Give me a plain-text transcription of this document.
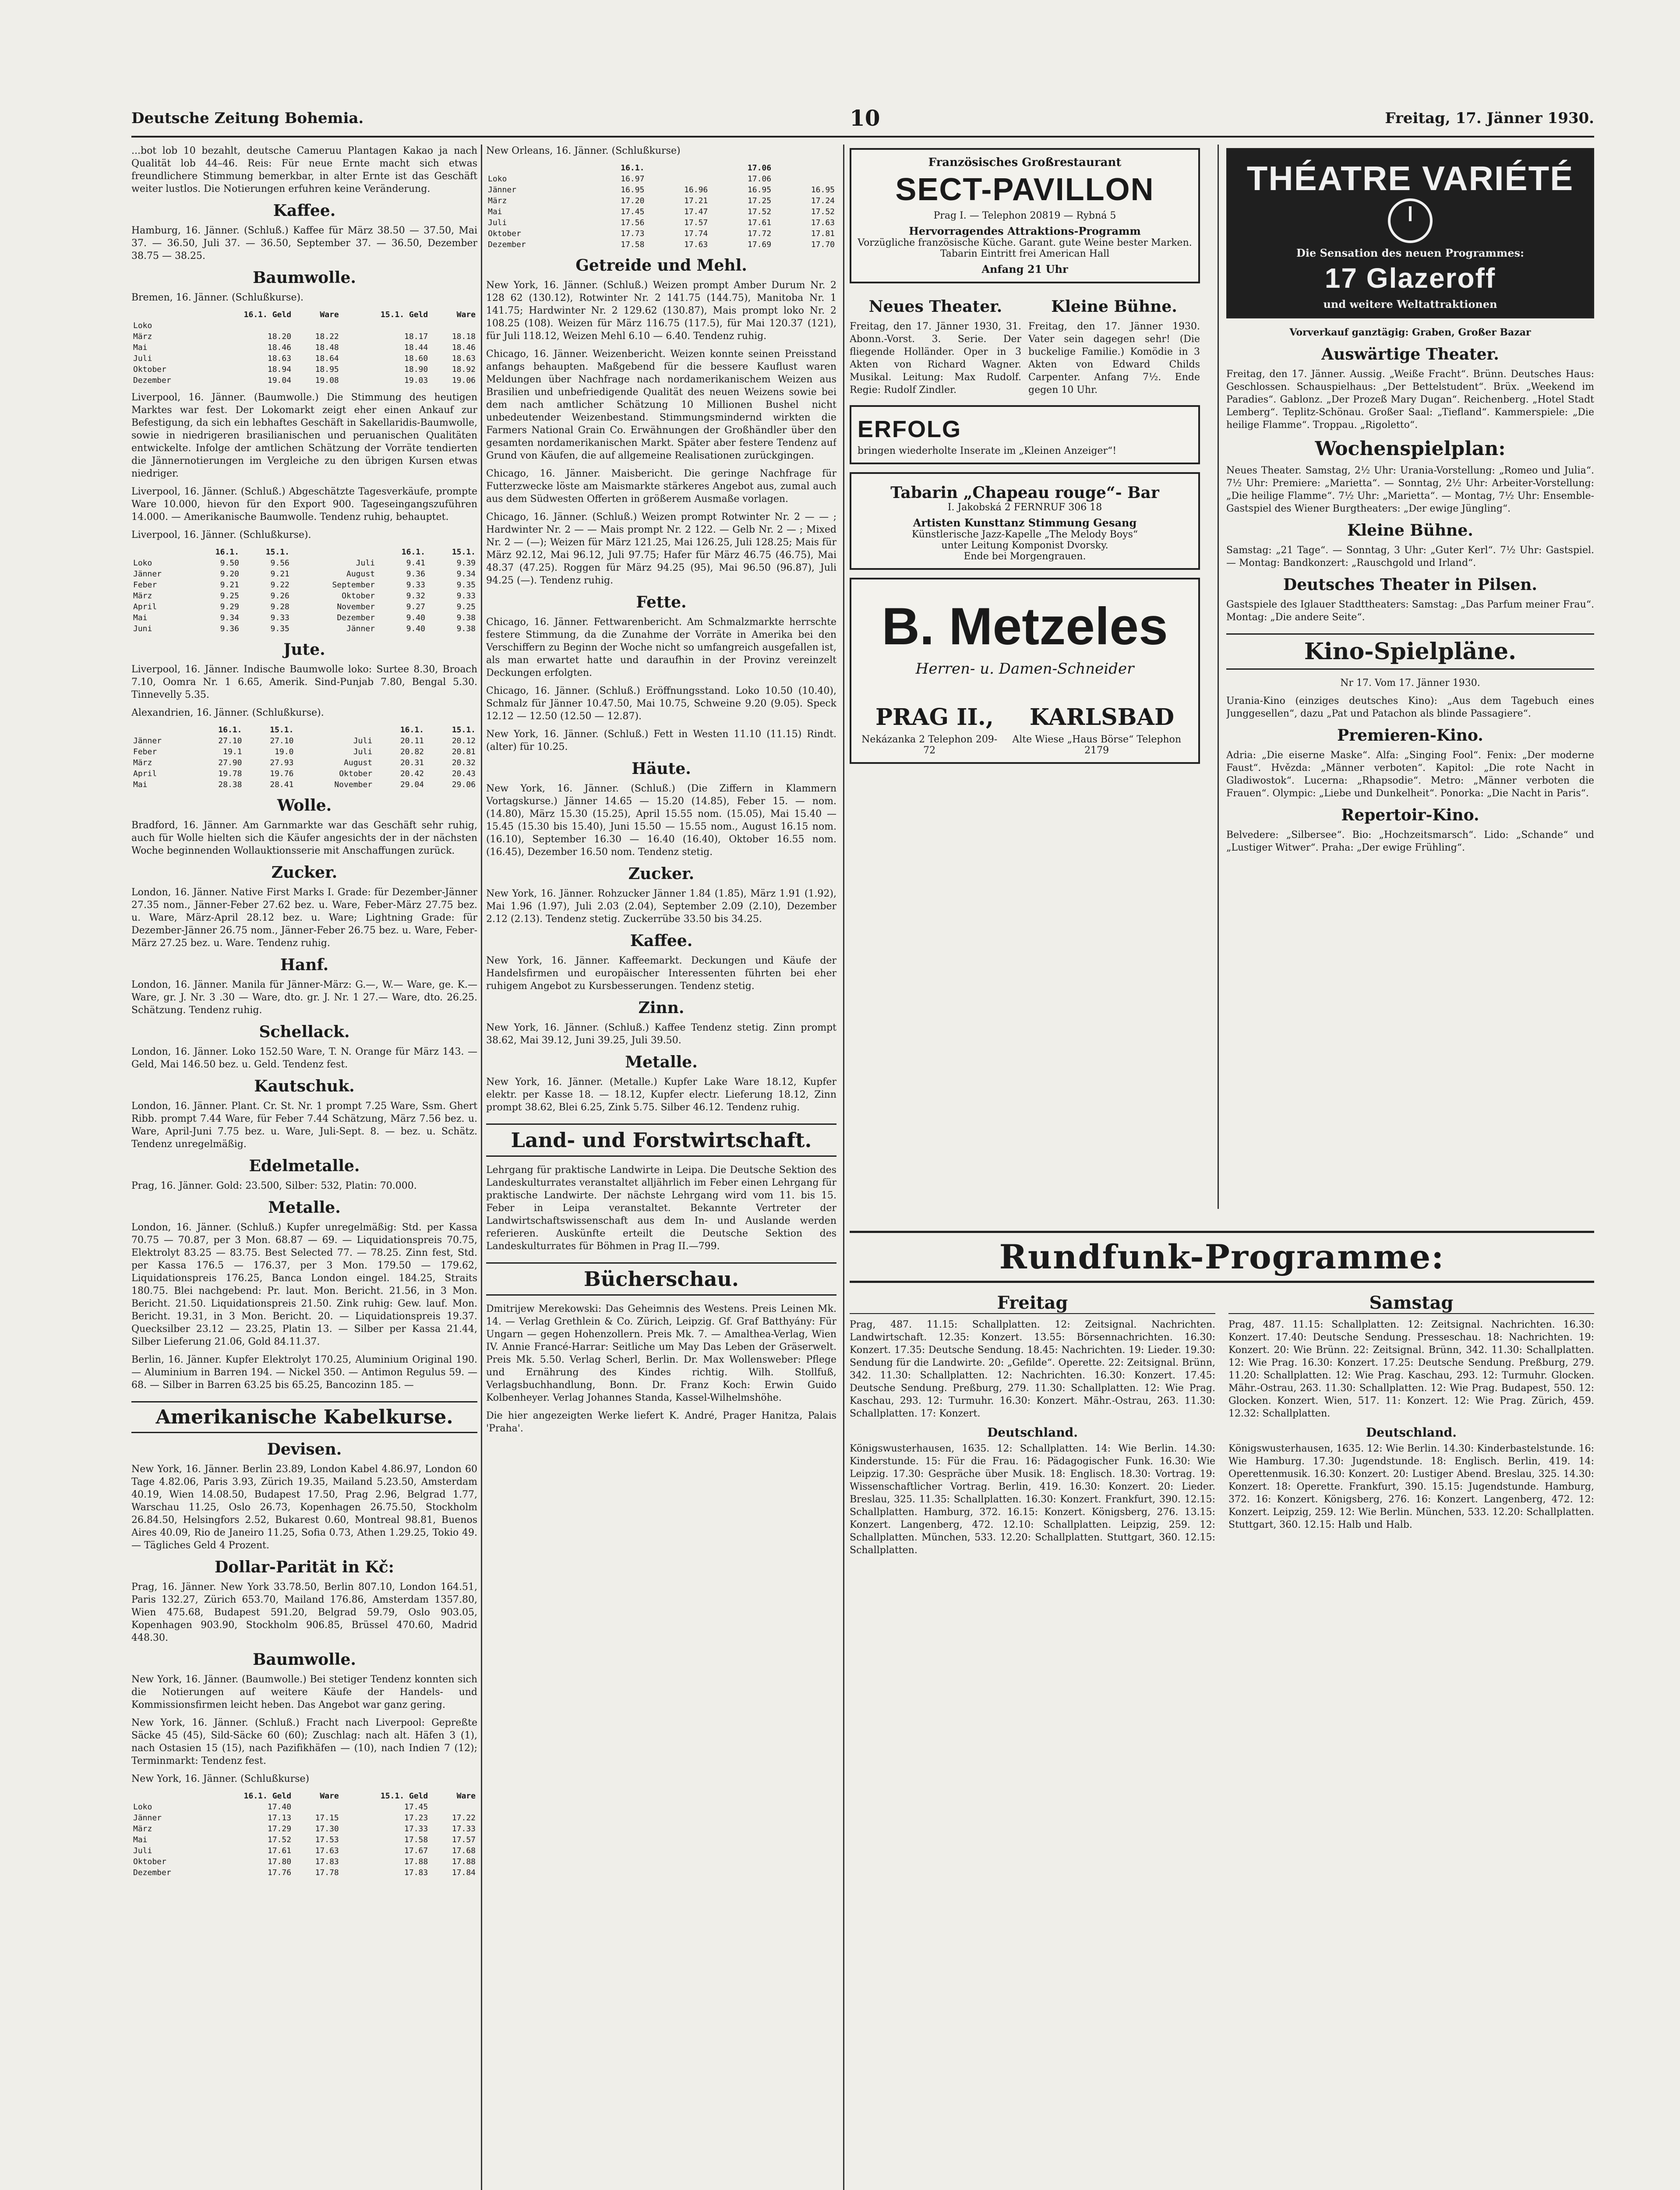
Deutsche Zeitung Bohemia.	10	Freitag, 17. Jänner 1930.

...bot lob 10 bezahlt, deutsche Cameruu Plantagen Kakao ja nach Qualität lob 44–46. Reis: Für neue Ernte macht sich etwas freundlichere Stimmung bemerkbar, in alter Ernte ist das Geschäft weiter lustlos. Die Notierungen erfuhren keine Veränderung.

Kaffee.

Hamburg, 16. Jänner. (Schluß.) Kaffee für März 38.50 — 37.50, Mai 37. — 36.50, Juli 37. — 36.50, September 37. — 36.50, Dezember 38.75 — 38.25.

Baumwolle.

Bremen, 16. Jänner. (Schlußkurse).

	16.1. Geld	Ware	15.1. Geld	Ware
Loko				
März	18.20	18.22	18.17	18.18
Mai	18.46	18.48	18.44	18.46
Juli	18.63	18.64	18.60	18.63
Oktober	18.94	18.95	18.90	18.92
Dezember	19.04	19.08	19.03	19.06

Liverpool, 16. Jänner. (Baumwolle.) Die Stimmung des heutigen Marktes war fest. Der Lokomarkt zeigt eher einen Ankauf zur Befestigung, da sich ein lebhaftes Geschäft in Sakellaridis-Baumwolle, sowie in niedrigeren brasilianischen und peruanischen Qualitäten entwickelte. Infolge der amtlichen Schätzung der Vorräte tendierten die Jännernotierungen im Vergleiche zu den übrigen Kursen etwas niedriger.

Liverpool, 16. Jänner. (Schluß.) Abgeschätzte Tagesverkäufe, prompte Ware 10.000, hievon für den Export 900. Tageseingangszuführen 14.000. — Amerikanische Baumwolle. Tendenz ruhig, behauptet.

Liverpool, 16. Jänner. (Schlußkurse).

	16.1.	15.1.		16.1.	15.1.
Loko	9.50	9.56	Juli	9.41	9.39
Jänner	9.20	9.21	August	9.36	9.34
Feber	9.21	9.22	September	9.33	9.35
März	9.25	9.26	Oktober	9.32	9.33
April	9.29	9.28	November	9.27	9.25
Mai	9.34	9.33	Dezember	9.40	9.38
Juni	9.36	9.35	Jänner	9.40	9.38
Jute.

Liverpool, 16. Jänner. Indische Baumwolle loko: Surtee 8.30, Broach 7.10, Oomra Nr. 1 6.65, Amerik. Sind-Punjab 7.80, Bengal 5.30. Tinnevelly 5.35.

Alexandrien, 16. Jänner. (Schlußkurse).

	16.1.	15.1.		16.1.	15.1.
Jänner	27.10	27.10	Juli	20.11	20.12
Feber	19.1	19.0	Juli	20.82	20.81
März	27.90	27.93	August	20.31	20.32
April	19.78	19.76	Oktober	20.42	20.43
Mai	28.38	28.41	November	29.04	29.06
Wolle.

Bradford, 16. Jänner. Am Garnmarkte war das Geschäft sehr ruhig, auch für Wolle hielten sich die Käufer angesichts der in der nächsten Woche beginnenden Wollauktionsserie mit Anschaffungen zurück.

Zucker.

London, 16. Jänner. Native First Marks I. Grade: für Dezember-Jänner 27.35 nom., Jänner-Feber 27.62 bez. u. Ware, Feber-März 27.75 bez. u. Ware, März-April 28.12 bez. u. Ware; Lightning Grade: für Dezember-Jänner 26.75 nom., Jänner-Feber 26.75 bez. u. Ware, Feber-März 27.25 bez. u. Ware. Tendenz ruhig.

Hanf.

London, 16. Jänner. Manila für Jänner-März: G.—, W.— Ware, ge. K.—Ware, gr. J. Nr. 3 .30 — Ware, dto. gr. J. Nr. 1 27.— Ware, dto. 26.25. Schätzung. Tendenz ruhig.

Schellack.

London, 16. Jänner. Loko 152.50 Ware, T. N. Orange für März 143. — Geld, Mai 146.50 bez. u. Geld. Tendenz fest.

Kautschuk.

London, 16. Jänner. Plant. Cr. St. Nr. 1 prompt 7.25 Ware, Ssm. Ghert Ribb. prompt 7.44 Ware, für Feber 7.44 Schätzung, März 7.56 bez. u. Ware, April-Juni 7.75 bez. u. Ware, Juli-Sept. 8. — bez. u. Schätz. Tendenz unregelmäßig.

Edelmetalle.

Prag, 16. Jänner. Gold: 23.500, Silber: 532, Platin: 70.000.

Metalle.

London, 16. Jänner. (Schluß.) Kupfer unregelmäßig: Std. per Kassa 70.75 — 70.87, per 3 Mon. 68.87 — 69. — Liquidationspreis 70.75, Elektrolyt 83.25 — 83.75. Best Selected 77. — 78.25. Zinn fest, Std. per Kassa 176.5 — 176.37, per 3 Mon. 179.50 — 179.62, Liquidationspreis 176.25, Banca London eingel. 184.25, Straits 180.75. Blei nachgebend: Pr. laut. Mon. Bericht. 21.56, in 3 Mon. Bericht. 21.50. Liquidationspreis 21.50. Zink ruhig: Gew. lauf. Mon. Bericht. 19.31, in 3 Mon. Bericht. 20. — Liquidationspreis 19.37. Quecksilber 23.12 — 23.25, Platin 13. — Silber per Kassa 21.44, Silber Lieferung 21.06, Gold 84.11.37.

Berlin, 16. Jänner. Kupfer Elektrolyt 170.25, Aluminium Original 190. — Aluminium in Barren 194. — Nickel 350. — Antimon Regulus 59. — 68. — Silber in Barren 63.25 bis 65.25, Bancozinn 185. —

Amerikanische Kabelkurse.
Devisen.

New York, 16. Jänner. Berlin 23.89, London Kabel 4.86.97, London 60 Tage 4.82.06, Paris 3.93, Zürich 19.35, Mailand 5.23.50, Amsterdam 40.19, Wien 14.08.50, Budapest 17.50, Prag 2.96, Belgrad 1.77, Warschau 11.25, Oslo 26.73, Kopenhagen 26.75.50, Stockholm 26.84.50, Helsingfors 2.52, Bukarest 0.60, Montreal 98.81, Buenos Aires 40.09, Rio de Janeiro 11.25, Sofia 0.73, Athen 1.29.25, Tokio 49. — Tägliches Geld 4 Prozent.

Dollar-Parität in Kč:

Prag, 16. Jänner. New York 33.78.50, Berlin 807.10, London 164.51, Paris 132.27, Zürich 653.70, Mailand 176.86, Amsterdam 1357.80, Wien 475.68, Budapest 591.20, Belgrad 59.79, Oslo 903.05, Kopenhagen 903.90, Stockholm 906.85, Brüssel 470.60, Madrid 448.30.

Baumwolle.

New York, 16. Jänner. (Baumwolle.) Bei stetiger Tendenz konnten sich die Notierungen auf weitere Käufe der Handels- und Kommissionsfirmen leicht heben. Das Angebot war ganz gering.

New York, 16. Jänner. (Schluß.) Fracht nach Liverpool: Gepreßte Säcke 45 (45), Sild-Säcke 60 (60); Zuschlag: nach alt. Häfen 3 (1), nach Ostasien 15 (15), nach Pazifikhäfen — (10), nach Indien 7 (12); Terminmarkt: Tendenz fest.

New York, 16. Jänner. (Schlußkurse)

	16.1. Geld	Ware	15.1. Geld	Ware
Loko	17.40		17.45	
Jänner	17.13	17.15	17.23	17.22
März	17.29	17.30	17.33	17.33
Mai	17.52	17.53	17.58	17.57
Juli	17.61	17.63	17.67	17.68
Oktober	17.80	17.83	17.88	17.88
Dezember	17.76	17.78	17.83	17.84

New Orleans, 16. Jänner. (Schlußkurse)

	16.1.		17.06	
Loko	16.97		17.06	
Jänner	16.95	16.96	16.95	16.95
März	17.20	17.21	17.25	17.24
Mai	17.45	17.47	17.52	17.52
Juli	17.56	17.57	17.61	17.63
Oktober	17.73	17.74	17.72	17.81
Dezember	17.58	17.63	17.69	17.70
Getreide und Mehl.

New York, 16. Jänner. (Schluß.) Weizen prompt Amber Durum Nr. 2 128 62 (130.12), Rotwinter Nr. 2 141.75 (144.75), Manitoba Nr. 1 141.75; Hardwinter Nr. 2 129.62 (130.87), Mais prompt loko Nr. 2 108.25 (108). Weizen für März 116.75 (117.5), für Mai 120.37 (121), für Juli 118.12, Weizen Mehl 6.10 — 6.40. Tendenz ruhig.

Chicago, 16. Jänner. Weizenbericht. Weizen konnte seinen Preisstand anfangs behaupten. Maßgebend für die bessere Kauflust waren Meldungen über Nachfrage nach nordamerikanischem Weizen aus Brasilien und unbefriedigende Qualität des neuen Weizens sowie bei dem nach amtlicher Schätzung 10 Millionen Bushel nicht unbedeutender Weizenbestand. Stimmungsmindernd wirkten die Farmers National Grain Co. Erwähnungen der Großhändler über den gesamten nordamerikanischen Markt. Später aber festere Tendenz auf Grund von Käufen, die auf allgemeine Realisationen zurückgingen.

Chicago, 16. Jänner. Maisbericht. Die geringe Nachfrage für Futterzwecke löste am Maismarkte stärkeres Angebot aus, zumal auch aus dem Südwesten Offerten in größerem Ausmaße vorlagen.

Chicago, 16. Jänner. (Schluß.) Weizen prompt Rotwinter Nr. 2 — — ; Hardwinter Nr. 2 — — Mais prompt Nr. 2 122. — Gelb Nr. 2 — ; Mixed Nr. 2 — (—); Weizen für März 121.25, Mai 126.25, Juli 128.25; Mais für März 92.12, Mai 96.12, Juli 97.75; Hafer für März 46.75 (46.75), Mai 48.37 (47.25). Roggen für März 94.25 (95), Mai 96.50 (96.87), Juli 94.25 (—). Tendenz ruhig.

Fette.

Chicago, 16. Jänner. Fettwarenbericht. Am Schmalzmarkte herrschte festere Stimmung, da die Zunahme der Vorräte in Amerika bei den Verschiffern zu Beginn der Woche nicht so umfangreich ausgefallen ist, als man erwartet hatte und daraufhin in der Provinz vereinzelt Deckungen erfolgten.

Chicago, 16. Jänner. (Schluß.) Eröffnungsstand. Loko 10.50 (10.40), Schmalz für Jänner 10.47.50, Mai 10.75, Schweine 9.20 (9.05). Speck 12.12 — 12.50 (12.50 — 12.87).

New York, 16. Jänner. (Schluß.) Fett in Westen 11.10 (11.15) Rindt. (alter) für 10.25.

Häute.

New York, 16. Jänner. (Schluß.) (Die Ziffern in Klammern Vortagskurse.) Jänner 14.65 — 15.20 (14.85), Feber 15. — nom. (14.80), März 15.30 (15.25), April 15.55 nom. (15.05), Mai 15.40 — 15.45 (15.30 bis 15.40), Juni 15.50 — 15.55 nom., August 16.15 nom. (16.10), September 16.30 — 16.40 (16.40), Oktober 16.55 nom. (16.45), Dezember 16.50 nom. Tendenz stetig.

Zucker.

New York, 16. Jänner. Rohzucker Jänner 1.84 (1.85), März 1.91 (1.92), Mai 1.96 (1.97), Juli 2.03 (2.04), September 2.09 (2.10), Dezember 2.12 (2.13). Tendenz stetig. Zuckerrübe 33.50 bis 34.25.

Kaffee.

New York, 16. Jänner. Kaffeemarkt. Deckungen und Käufe der Handelsfirmen und europäischer Interessenten führten bei eher ruhigem Angebot zu Kursbesserungen. Tendenz stetig.

Zinn.

New York, 16. Jänner. (Schluß.) Kaffee Tendenz stetig. Zinn prompt 38.62, Mai 39.12, Juni 39.25, Juli 39.50.

Metalle.

New York, 16. Jänner. (Metalle.) Kupfer Lake Ware 18.12, Kupfer elektr. per Kasse 18. — 18.12, Kupfer electr. Lieferung 18.12, Zinn prompt 38.62, Blei 6.25, Zink 5.75. Silber 46.12. Tendenz ruhig.

Land- und Forstwirtschaft.

Lehrgang für praktische Landwirte in Leipa. Die Deutsche Sektion des Landeskulturrates veranstaltet alljährlich im Feber einen Lehrgang für praktische Landwirte. Der nächste Lehrgang wird vom 11. bis 15. Feber in Leipa veranstaltet. Bekannte Vertreter der Landwirtschaftswissenschaft aus dem In- und Auslande werden referieren. Auskünfte erteilt die Deutsche Sektion des Landeskulturrates für Böhmen in Prag II.—799.

Bücherschau.

Dmitrijew Merekowski: Das Geheimnis des Westens. Preis Leinen Mk. 14. — Verlag Grethlein & Co. Zürich, Leipzig. Gf. Graf Batthyány: Für Ungarn — gegen Hohenzollern. Preis Mk. 7. — Amalthea-Verlag, Wien IV. Annie Francé-Harrar: Seitliche um May Das Leben der Gräserwelt. Preis Mk. 5.50. Verlag Scherl, Berlin. Dr. Max Wollensweber: Pflege und Ernährung des Kindes richtig. Wilh. Stollfuß, Verlagsbuchhandlung, Bonn. Dr. Franz Koch: Erwin Guido Kolbenheyer. Verlag Johannes Standa, Kassel-Wilhelmshöhe.

Die hier angezeigten Werke liefert K. André, Prager Hanitza, Palais 'Praha'.

Französisches Großrestaurant
SECT-PAVILLON
Prag I. — Telephon 20819 — Rybná 5
Hervorragendes Attraktions-Programm
Vorzügliche französische Küche. Garant. gute Weine bester Marken.
Tabarin Eintritt frei American Hall
Anfang 21 Uhr
Neues Theater.

Freitag, den 17. Jänner 1930, 31. Abonn.-Vorst. 3. Serie. Der fliegende Holländer. Oper in 3 Akten von Richard Wagner. Musikal. Leitung: Max Rudolf. Regie: Rudolf Zindler.

Kleine Bühne.

Freitag, den 17. Jänner 1930. Vater sein dagegen sehr! (Die buckelige Familie.) Komödie in 3 Akten von Edward Childs Carpenter. Anfang 7½. Ende gegen 10 Uhr.

ERFOLG
bringen wiederholte Inserate im „Kleinen Anzeiger“!
Tabarin „Chapeau rouge“- Bar
I. Jakobská 2 FERNRUF 306 18
Artisten Kunsttanz Stimmung Gesang
Künstlerische Jazz-Kapelle „The Melody Boys“
unter Leitung Komponist Dvorsky.
Ende bei Morgengrauen.
B. Metzeles
Herren- u. Damen-Schneider
PRAG II., KARLSBAD
Nekázanka 2 Telephon 209-72
Alte Wiese „Haus Börse“ Telephon 2179
THÉATRE VARIÉTÉ
Die Sensation des neuen Programmes:
17 Glazeroff
und weitere Weltattraktionen

Vorverkauf ganztägig: Graben, Großer Bazar

Auswärtige Theater.

Freitag, den 17. Jänner. Aussig. „Weiße Fracht“. Brünn. Deutsches Haus: Geschlossen. Schauspielhaus: „Der Bettelstudent“. Brüx. „Weekend im Paradies“. Gablonz. „Der Prozeß Mary Dugan“. Reichenberg. „Hotel Stadt Lemberg“. Teplitz-Schönau. Großer Saal: „Tiefland“. Kammerspiele: „Die heilige Flamme“. Troppau. „Rigoletto“.

Wochenspielplan:

Neues Theater. Samstag, 2½ Uhr: Urania-Vorstellung: „Romeo und Julia“. 7½ Uhr: Premiere: „Marietta“. — Sonntag, 2½ Uhr: Arbeiter-Vorstellung: „Die heilige Flamme“. 7½ Uhr: „Marietta“. — Montag, 7½ Uhr: Ensemble-Gastspiel des Wiener Burgtheaters: „Der ewige Jüngling“.

Kleine Bühne.

Samstag: „21 Tage“. — Sonntag, 3 Uhr: „Guter Kerl“. 7½ Uhr: Gastspiel. — Montag: Bandkonzert: „Rauschgold und Irland“.

Deutsches Theater in Pilsen.

Gastspiele des Iglauer Stadttheaters: Samstag: „Das Parfum meiner Frau“. Montag: „Die andere Seite“.

Kino-Spielpläne.

Nr 17. Vom 17. Jänner 1930.

Urania-Kino (einziges deutsches Kino): „Aus dem Tagebuch eines Junggesellen“, dazu „Pat und Patachon als blinde Passagiere“.

Premieren-Kino.

Adria: „Die eiserne Maske“. Alfa: „Singing Fool“. Fenix: „Der moderne Faust“. Hvězda: „Männer verboten“. Kapitol: „Die rote Nacht in Gladiwostok“. Lucerna: „Rhapsodie“. Metro: „Männer verboten die Frauen“. Olympic: „Liebe und Dunkelheit“. Ponorka: „Die Nacht in Paris“.

Repertoir-Kino.

Belvedere: „Silbersee“. Bio: „Hochzeitsmarsch“. Lido: „Schande“ und „Lustiger Witwer“. Praha: „Der ewige Frühling“.

Rundfunk-Programme:
Freitag

Prag, 487. 11.15: Schallplatten. 12: Zeitsignal. Nachrichten. Landwirtschaft. 12.35: Konzert. 13.55: Börsennachrichten. 16.30: Konzert. 17.35: Deutsche Sendung. 18.45: Nachrichten. 19: Lieder. 19.30: Sendung für die Landwirte. 20: „Gefilde“. Operette. 22: Zeitsignal. Brünn, 342. 11.30: Schallplatten. 12: Nachrichten. 16.30: Konzert. 17.45: Deutsche Sendung. Preßburg, 279. 11.30: Schallplatten. 12: Wie Prag. Kaschau, 293. 12: Turmuhr. 16.30: Konzert. Mähr.-Ostrau, 263. 11.30: Schallplatten. 17: Konzert.

Deutschland.

Königswusterhausen, 1635. 12: Schallplatten. 14: Wie Berlin. 14.30: Kinderstunde. 15: Für die Frau. 16: Pädagogischer Funk. 16.30: Wie Leipzig. 17.30: Gespräche über Musik. 18: Englisch. 18.30: Vortrag. 19: Wissenschaftlicher Vortrag. Berlin, 419. 16.30: Konzert. 20: Lieder. Breslau, 325. 11.35: Schallplatten. 16.30: Konzert. Frankfurt, 390. 12.15: Schallplatten. Hamburg, 372. 16.15: Konzert. Königsberg, 276. 13.15: Konzert. Langenberg, 472. 12.10: Schallplatten. Leipzig, 259. 12: Schallplatten. München, 533. 12.20: Schallplatten. Stuttgart, 360. 12.15: Schallplatten.

Samstag

Prag, 487. 11.15: Schallplatten. 12: Zeitsignal. Nachrichten. 16.30: Konzert. 17.40: Deutsche Sendung. Presseschau. 18: Nachrichten. 19: Konzert. 20: Wie Brünn. 22: Zeitsignal. Brünn, 342. 11.30: Schallplatten. 12: Wie Prag. 16.30: Konzert. 17.25: Deutsche Sendung. Preßburg, 279. 11.20: Schallplatten. 12: Wie Prag. Kaschau, 293. 12: Turmuhr. Glocken. Mähr.-Ostrau, 263. 11.30: Schallplatten. 12: Wie Prag. Budapest, 550. 12: Glocken. Konzert. Wien, 517. 11: Konzert. 12: Wie Prag. Zürich, 459. 12.32: Schallplatten.

Deutschland.

Königswusterhausen, 1635. 12: Wie Berlin. 14.30: Kinderbastelstunde. 16: Wie Hamburg. 17.30: Jugendstunde. 18: Englisch. Berlin, 419. 14: Operettenmusik. 16.30: Konzert. 20: Lustiger Abend. Breslau, 325. 14.30: Konzert. 18: Operette. Frankfurt, 390. 15.15: Jugendstunde. Hamburg, 372. 16: Konzert. Königsberg, 276. 16: Konzert. Langenberg, 472. 12: Konzert. Leipzig, 259. 12: Wie Berlin. München, 533. 12.20: Schallplatten. Stuttgart, 360. 12.15: Halb und Halb.
